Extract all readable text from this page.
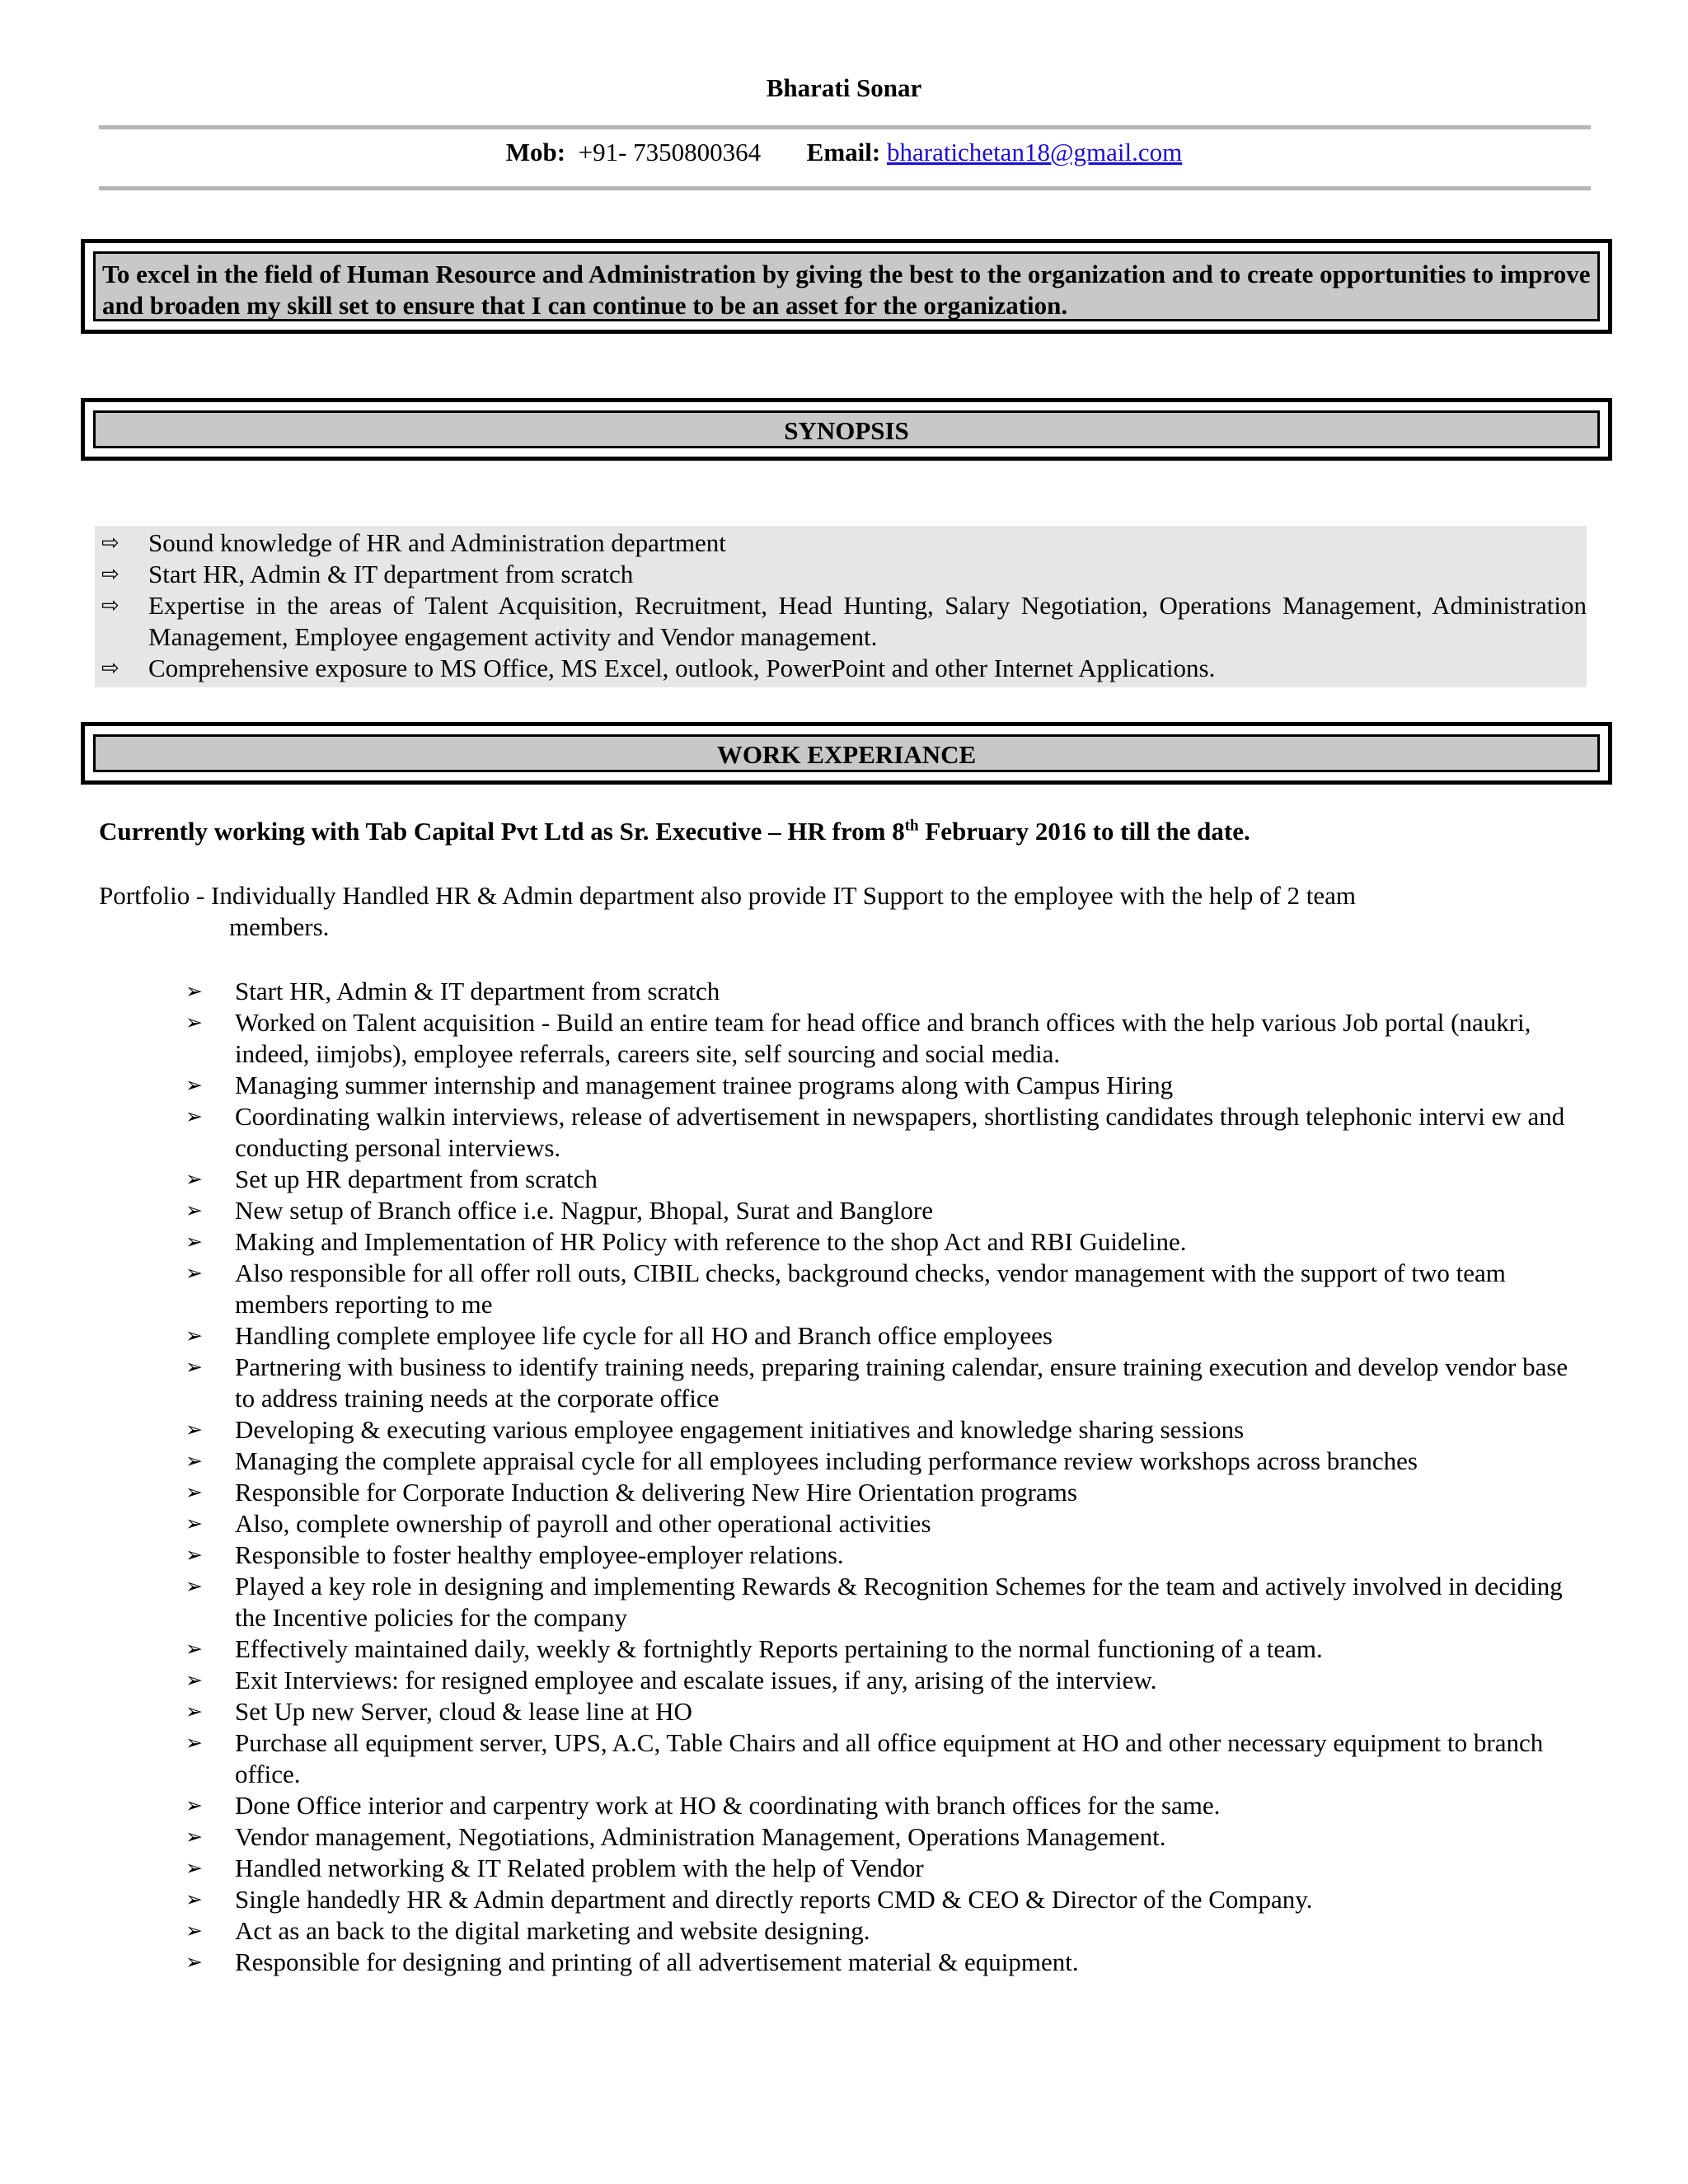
Bharati Sonar
Mob: +91- 7350800364 Email: bharatichetan18@gmail.com
To excel in the field of Human Resource and Administration by giving the best to the organization and to create opportunities to improve and broaden my skill set to ensure that I can continue to be an asset for the organization.
SYNOPSIS
⇨ Sound knowledge of HR and Administration department
⇨ Start HR, Admin & IT department from scratch
⇨ Expertise in the areas of Talent Acquisition, Recruitment, Head Hunting, Salary Negotiation, Operations Management, Administration Management, Employee engagement activity and Vendor management.
⇨ Comprehensive exposure to MS Office, MS Excel, outlook, PowerPoint and other Internet Applications.
WORK EXPERIANCE
Currently working with Tab Capital Pvt Ltd as Sr. Executive – HR from 8th February 2016 to till the date.
Portfolio - Individually Handled HR & Admin department also provide IT Support to the employee with the help of 2 team
members.
➢ Start HR, Admin & IT department from scratch
➢ Worked on Talent acquisition - Build an entire team for head office and branch offices with the help various Job portal (naukri, indeed, iimjobs), employee referrals, careers site, self sourcing and social media.
➢ Managing summer internship and management trainee programs along with Campus Hiring
➢ Coordinating walkin interviews, release of advertisement in newspapers, shortlisting candidates through telephonic intervi ew and conducting personal interviews.
➢ Set up HR department from scratch
➢ New setup of Branch office i.e. Nagpur, Bhopal, Surat and Banglore
➢ Making and Implementation of HR Policy with reference to the shop Act and RBI Guideline.
➢ Also responsible for all offer roll outs, CIBIL checks, background checks, vendor management with the support of two team members reporting to me
➢ Handling complete employee life cycle for all HO and Branch office employees
➢ Partnering with business to identify training needs, preparing training calendar, ensure training execution and develop vendor base to address training needs at the corporate office
➢ Developing & executing various employee engagement initiatives and knowledge sharing sessions
➢ Managing the complete appraisal cycle for all employees including performance review workshops across branches
➢ Responsible for Corporate Induction & delivering New Hire Orientation programs
➢ Also, complete ownership of payroll and other operational activities
➢ Responsible to foster healthy employee-employer relations.
➢ Played a key role in designing and implementing Rewards & Recognition Schemes for the team and actively involved in deciding the Incentive policies for the company
➢ Effectively maintained daily, weekly & fortnightly Reports pertaining to the normal functioning of a team.
➢ Exit Interviews: for resigned employee and escalate issues, if any, arising of the interview.
➢ Set Up new Server, cloud & lease line at HO
➢ Purchase all equipment server, UPS, A.C, Table Chairs and all office equipment at HO and other necessary equipment to branch office.
➢ Done Office interior and carpentry work at HO & coordinating with branch offices for the same.
➢ Vendor management, Negotiations, Administration Management, Operations Management.
➢ Handled networking & IT Related problem with the help of Vendor
➢ Single handedly HR & Admin department and directly reports CMD & CEO & Director of the Company.
➢ Act as an back to the digital marketing and website designing.
➢ Responsible for designing and printing of all advertisement material & equipment.
